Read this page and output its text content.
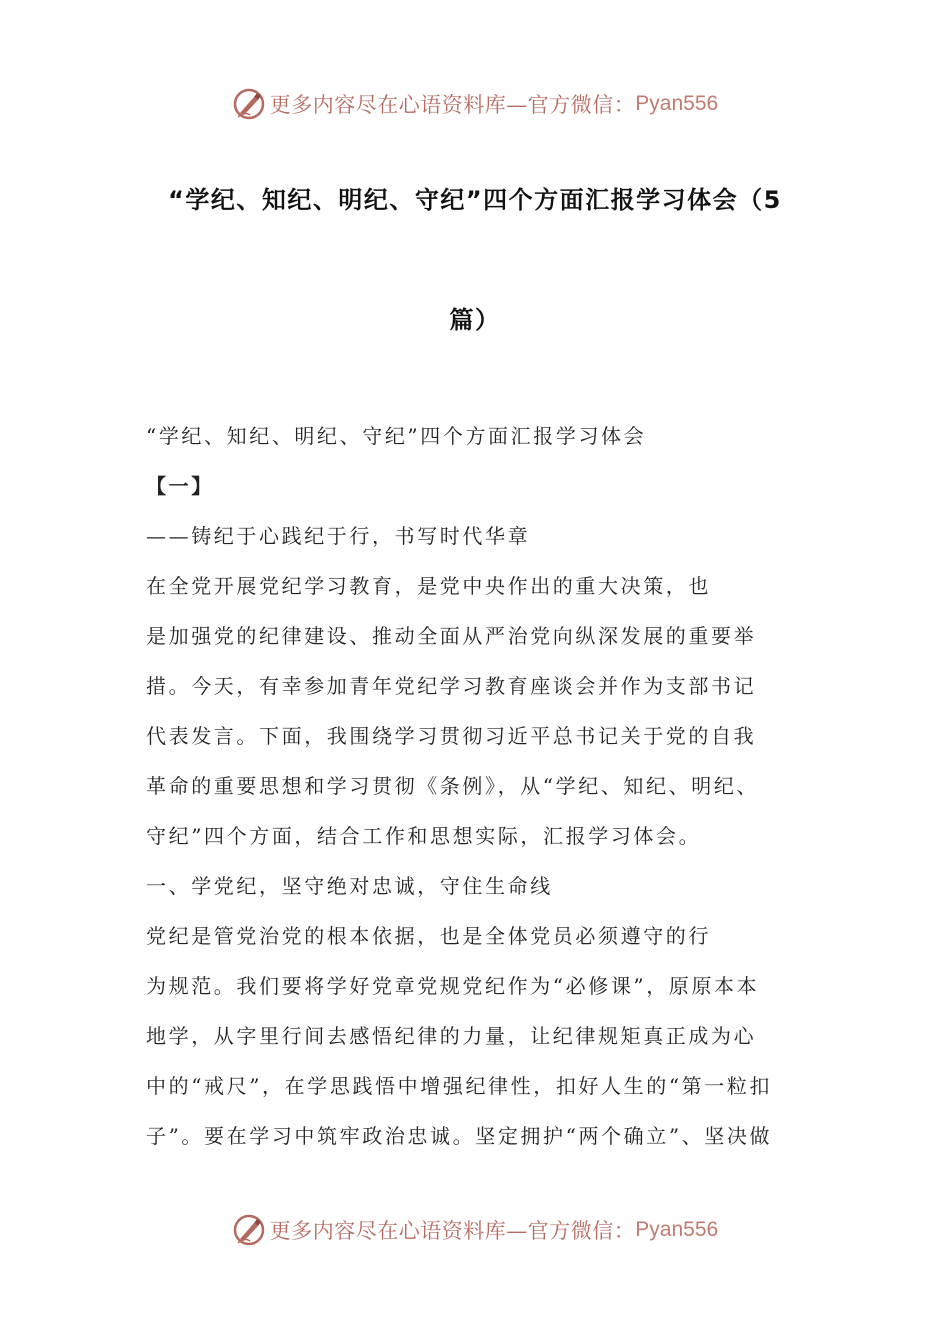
更多内容尽在心语资料库—官方微信： Pyan556
“学纪、知纪、明纪、守纪”四个方面汇报学习体会（5
篇）
“学纪、知纪、明纪、守纪”四个方面汇报学习体会
【一】
——铸纪于心践纪于行，书写时代华章
在全党开展党纪学习教育，是党中央作出的重大决策，也
是加强党的纪律建设、推动全面从严治党向纵深发展的重要举
措。今天，有幸参加青年党纪学习教育座谈会并作为支部书记
代表发言。下面，我围绕学习贯彻习近平总书记关于党的自我
革命的重要思想和学习贯彻《条例》，从“学纪、知纪、明纪、
守纪”四个方面，结合工作和思想实际，汇报学习体会。
一、学党纪，坚守绝对忠诚，守住生命线
党纪是管党治党的根本依据，也是全体党员必须遵守的行
为规范。我们要将学好党章党规党纪作为“必修课”，原原本本
地学，从字里行间去感悟纪律的力量，让纪律规矩真正成为心
中的“戒尺”，在学思践悟中增强纪律性，扣好人生的“第一粒扣
子”。要在学习中筑牢政治忠诚。坚定拥护“两个确立”、坚决做
更多内容尽在心语资料库—官方微信： Pyan556
